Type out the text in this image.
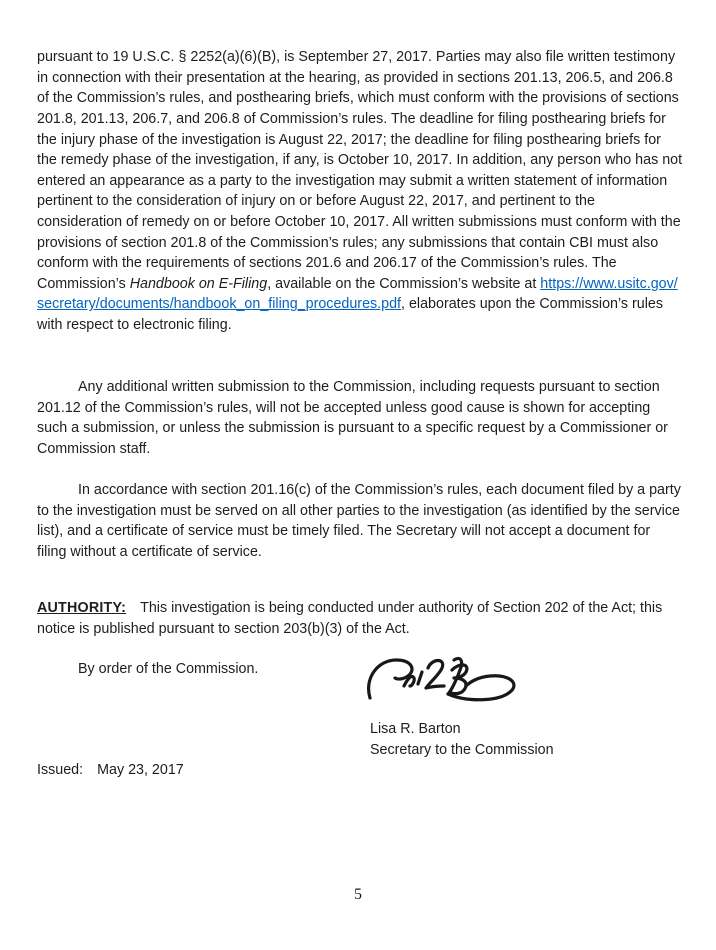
pursuant to 19 U.S.C. § 2252(a)(6)(B), is September 27, 2017. Parties may also file written testimony in connection with their presentation at the hearing, as provided in sections 201.13, 206.5, and 206.8 of the Commission’s rules, and posthearing briefs, which must conform with the provisions of sections 201.8, 201.13, 206.7, and 206.8 of Commission’s rules. The deadline for filing posthearing briefs for the injury phase of the investigation is August 22, 2017; the deadline for filing posthearing briefs for the remedy phase of the investigation, if any, is October 10, 2017. In addition, any person who has not entered an appearance as a party to the investigation may submit a written statement of information pertinent to the consideration of injury on or before August 22, 2017, and pertinent to the consideration of remedy on or before October 10, 2017. All written submissions must conform with the provisions of section 201.8 of the Commission’s rules; any submissions that contain CBI must also conform with the requirements of sections 201.6 and 206.17 of the Commission’s rules. The Commission’s Handbook on E-Filing, available on the Commission’s website at https://www.usitc.gov/secretary/documents/handbook_on_filing_procedures.pdf, elaborates upon the Commission’s rules with respect to electronic filing.

Any additional written submission to the Commission, including requests pursuant to section 201.12 of the Commission’s rules, will not be accepted unless good cause is shown for accepting such a submission, or unless the submission is pursuant to a specific request by a Commissioner or Commission staff.

In accordance with section 201.16(c) of the Commission’s rules, each document filed by a party to the investigation must be served on all other parties to the investigation (as identified by the service list), and a certificate of service must be timely filed. The Secretary will not accept a document for filing without a certificate of service.

AUTHORITY: This investigation is being conducted under authority of Section 202 of the Act; this notice is published pursuant to section 203(b)(3) of the Act.

By order of the Commission.

Lisa R. Barton
Secretary to the Commission
Issued: May 23, 2017
5
